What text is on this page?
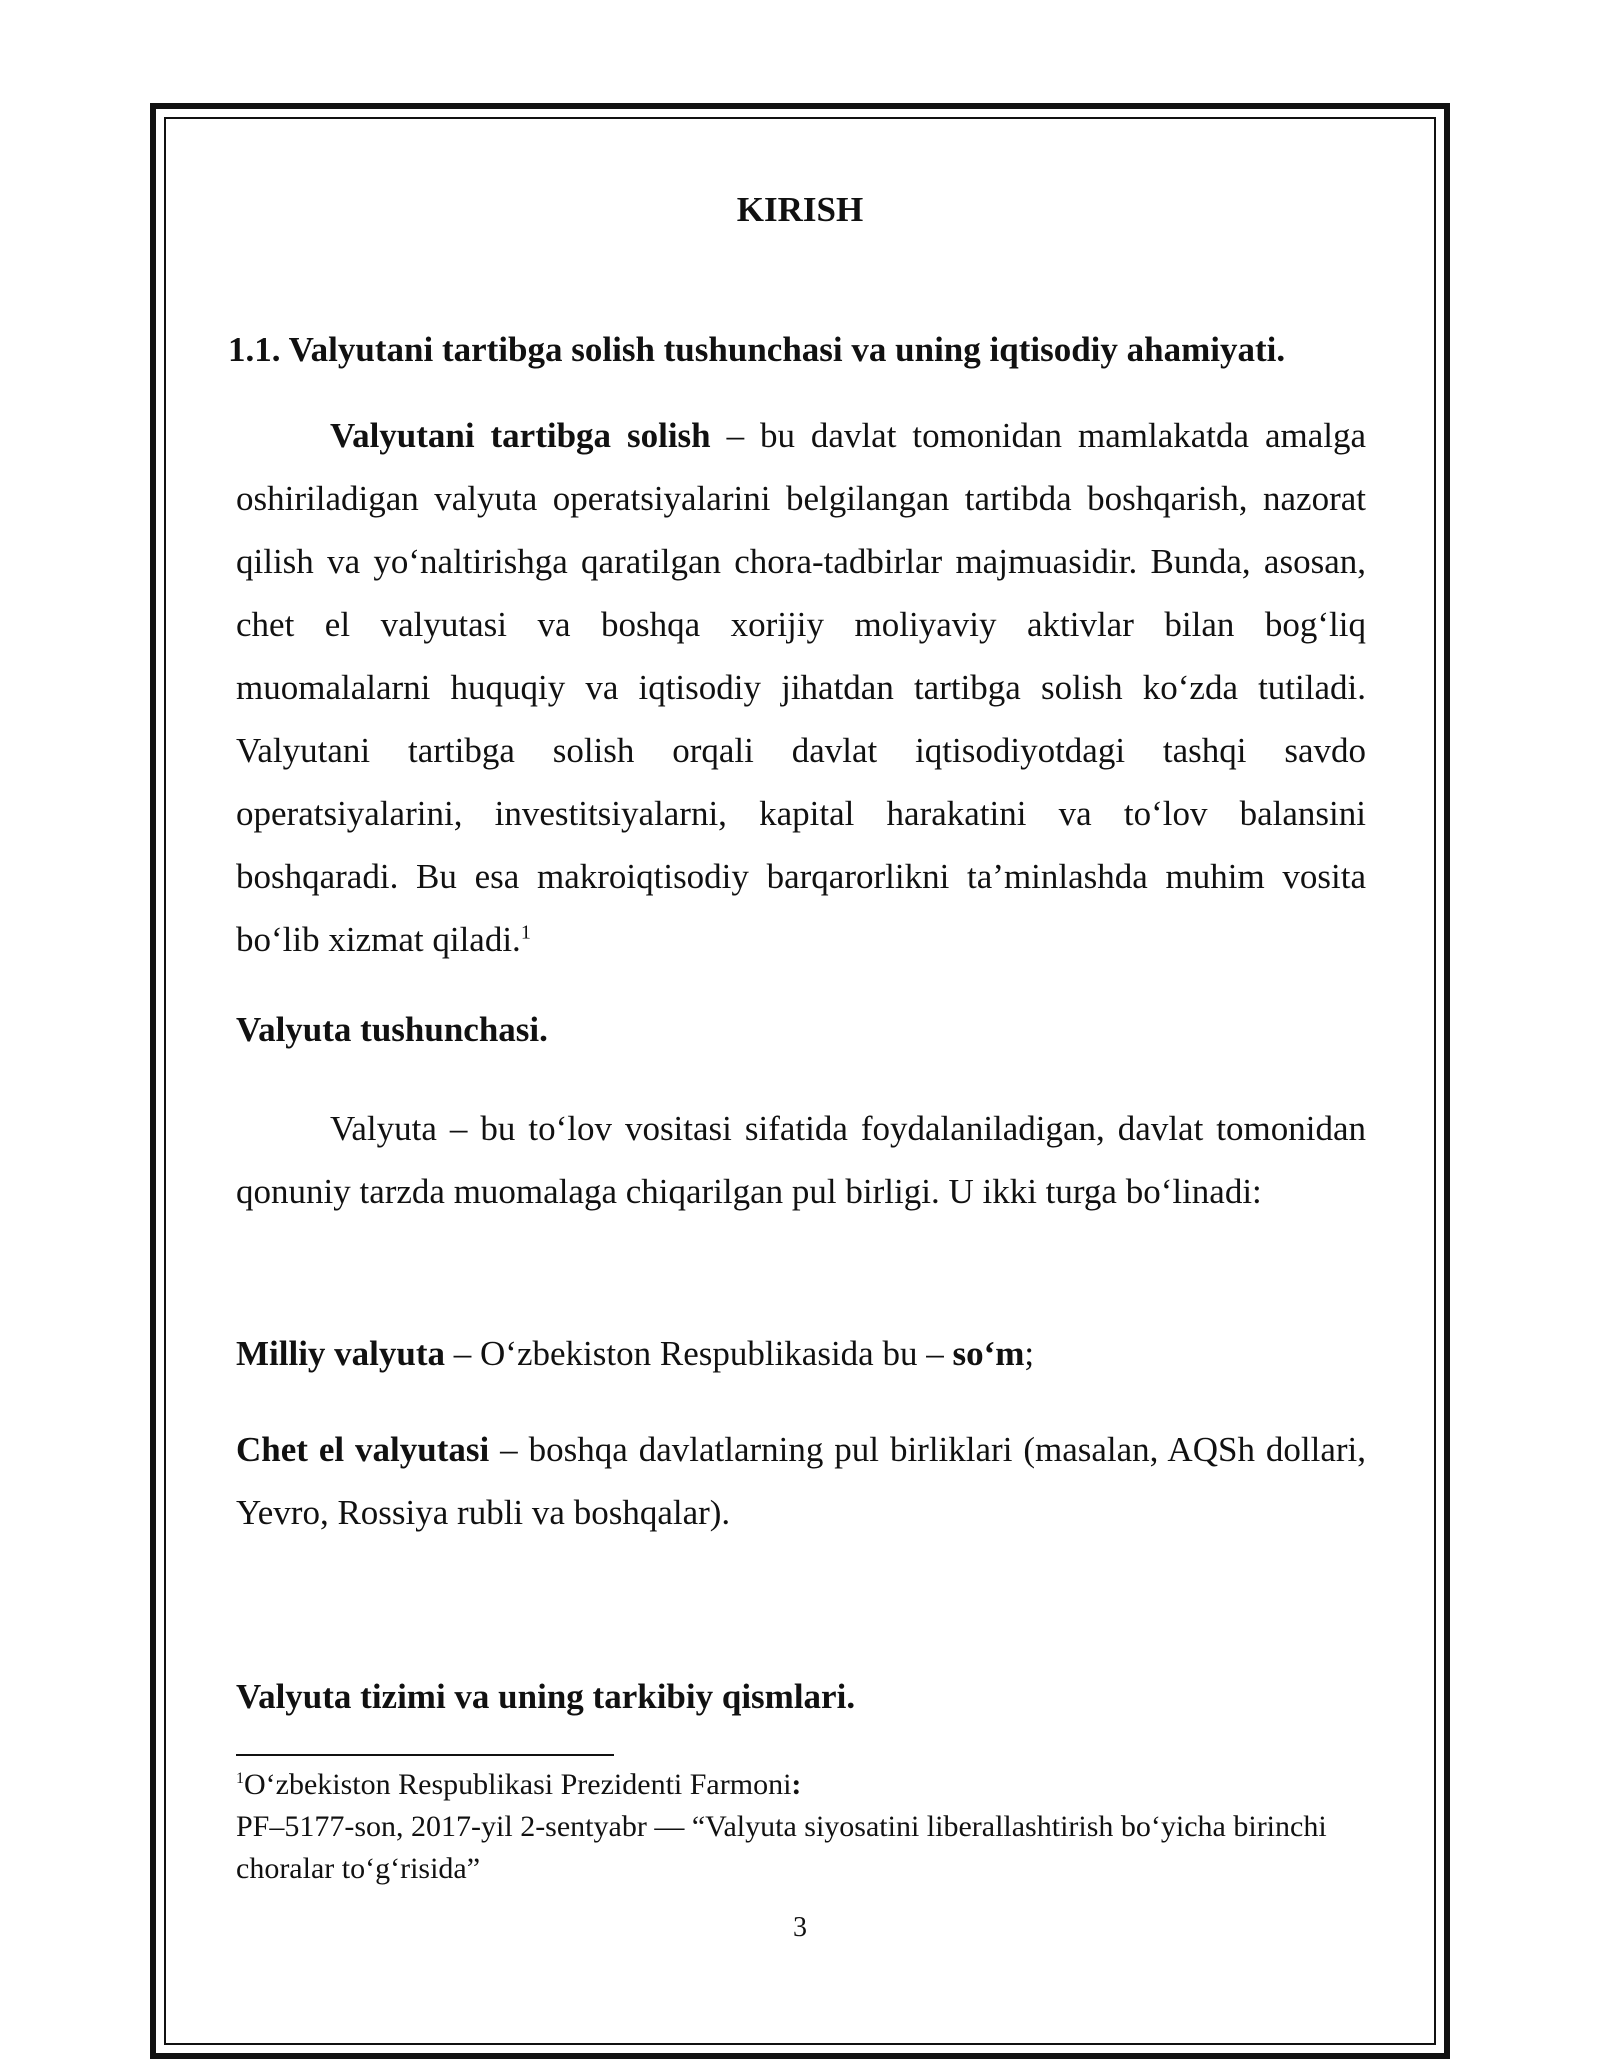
KIRISH
1.1. Valyutani tartibga solish tushunchasi va uning iqtisodiy ahamiyati.

Valyutani tartibga solish – bu davlat tomonidan mamlakatda amalga oshiriladigan valyuta operatsiyalarini belgilangan tartibda boshqarish, nazorat qilish va yo‘naltirishga qaratilgan chora-tadbirlar majmuasidir. Bunda, asosan, chet el valyutasi va boshqa xorijiy moliyaviy aktivlar bilan bog‘liq muomalalarni huquqiy va iqtisodiy jihatdan tartibga solish ko‘zda tutiladi. Valyutani tartibga solish orqali davlat iqtisodiyotdagi tashqi savdo operatsiyalarini, investitsiyalarni, kapital harakatini va to‘lov balansini boshqaradi. Bu esa makroiqtisodiy barqarorlikni ta’minlashda muhim vosita bo‘lib xizmat qiladi.$^1$

Valyuta tushunchasi.

Valyuta – bu to‘lov vositasi sifatida foydalaniladigan, davlat tomonidan qonuniy tarzda muomalaga chiqarilgan pul birligi. U ikki turga bo‘linadi:

Milliy valyuta – O‘zbekiston Respublikasida bu – so‘m;

Chet el valyutasi – boshqa davlatlarning pul birliklari (masalan, AQSh dollari, Yevro, Rossiya rubli va boshqalar).

Valyuta tizimi va uning tarkibiy qismlari.

$^1$O‘zbekiston Respublikasi Prezidenti Farmoni:
PF–5177-son, 2017-yil 2-sentyabr — “Valyuta siyosatini liberallashtirish bo‘yicha birinchi choralar to‘g‘risida”

3
